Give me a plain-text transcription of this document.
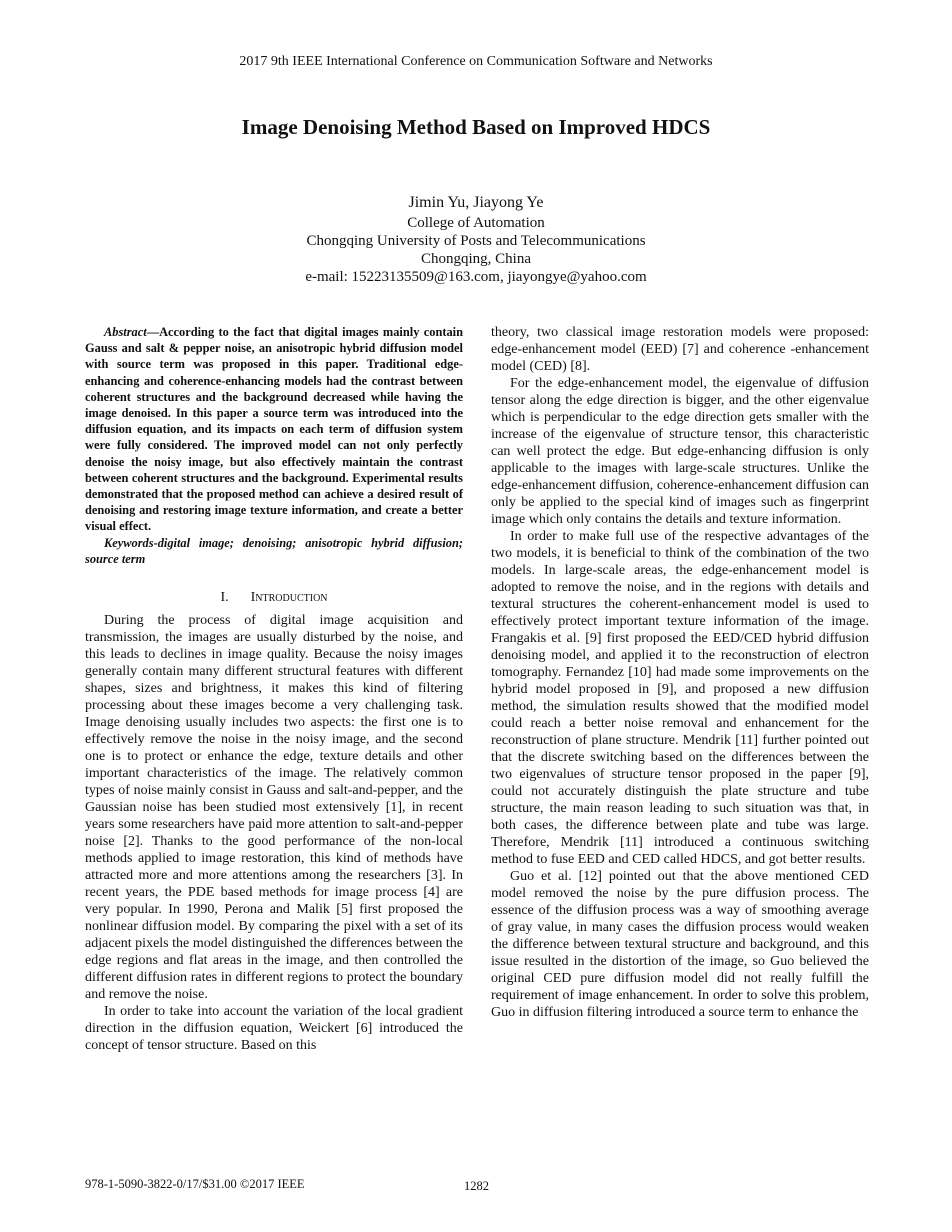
2017 9th IEEE International Conference on Communication Software and Networks
Image Denoising Method Based on Improved HDCS
Jimin Yu, Jiayong Ye
College of Automation
Chongqing University of Posts and Telecommunications
Chongqing, China
e-mail: 15223135509@163.com, jiayongye@yahoo.com

Abstract—According to the fact that digital images mainly contain Gauss and salt & pepper noise, an anisotropic hybrid diffusion model with source term was proposed in this paper. Traditional edge-enhancing and coherence-enhancing models had the contrast between coherent structures and the background decreased while having the image denoised. In this paper a source term was introduced into the diffusion equation, and its impacts on each term of diffusion system were fully considered. The improved model can not only perfectly denoise the noisy image, but also effectively maintain the contrast between coherent structures and the background. Experimental results demonstrated that the proposed method can achieve a desired result of denoising and restoring image texture information, and create a better visual effect.

Keywords-digital image; denoising; anisotropic hybrid diffusion; source term

I. Introduction

During the process of digital image acquisition and transmission, the images are usually disturbed by the noise, and this leads to declines in image quality. Because the noisy images generally contain many different structural features with different shapes, sizes and brightness, it makes this kind of filtering processing about these images become a very challenging task. Image denoising usually includes two aspects: the first one is to effectively remove the noise in the noisy image, and the second one is to protect or enhance the edge, texture details and other important characteristics of the image. The relatively common types of noise mainly consist in Gauss and salt-and-pepper, and the Gaussian noise has been studied most extensively [1], in recent years some researchers have paid more attention to salt-and-pepper noise [2]. Thanks to the good performance of the non-local methods applied to image restoration, this kind of methods have attracted more and more attentions among the researchers [3]. In recent years, the PDE based methods for image process [4] are very popular. In 1990, Perona and Malik [5] first proposed the nonlinear diffusion model. By comparing the pixel with a set of its adjacent pixels the model distinguished the differences between the edge regions and flat areas in the image, and then controlled the different diffusion rates in different regions to protect the boundary and remove the noise.

In order to take into account the variation of the local gradient direction in the diffusion equation, Weickert [6] introduced the concept of tensor structure. Based on this

theory, two classical image restoration models were proposed: edge-enhancement model (EED) [7] and coherence -enhancement model (CED) [8].

For the edge-enhancement model, the eigenvalue of diffusion tensor along the edge direction is bigger, and the other eigenvalue which is perpendicular to the edge direction gets smaller with the increase of the eigenvalue of structure tensor, this characteristic can well protect the edge. But edge-enhancing diffusion is only applicable to the images with large-scale structures. Unlike the edge-enhancement diffusion, coherence-enhancement diffusion can only be applied to the special kind of images such as fingerprint image which only contains the details and texture information.

In order to make full use of the respective advantages of the two models, it is beneficial to think of the combination of the two models. In large-scale areas, the edge-enhancement model is adopted to remove the noise, and in the regions with details and textural structures the coherent-enhancement model is used to effectively protect important texture information of the image. Frangakis et al. [9] first proposed the EED/CED hybrid diffusion denoising model, and applied it to the reconstruction of electron tomography. Fernandez [10] had made some improvements on the hybrid model proposed in [9], and proposed a new diffusion method, the simulation results showed that the modified model could reach a better noise removal and enhancement for the reconstruction of plane structure. Mendrik [11] further pointed out that the discrete switching based on the differences between the two eigenvalues of structure tensor proposed in the paper [9], could not accurately distinguish the plate structure and tube structure, the main reason leading to such situation was that, in both cases, the difference between plate and tube was large. Therefore, Mendrik [11] introduced a continuous switching method to fuse EED and CED called HDCS, and got better results.

Guo et al. [12] pointed out that the above mentioned CED model removed the noise by the pure diffusion process. The essence of the diffusion process was a way of smoothing average of gray value, in many cases the diffusion process would weaken the difference between textural structure and background, and this issue resulted in the distortion of the image, so Guo believed the original CED pure diffusion model did not really fulfill the requirement of image enhancement. In order to solve this problem, Guo in diffusion filtering introduced a source term to enhance the

978-1-5090-3822-0/17/$31.00 ©2017 IEEE	1282
